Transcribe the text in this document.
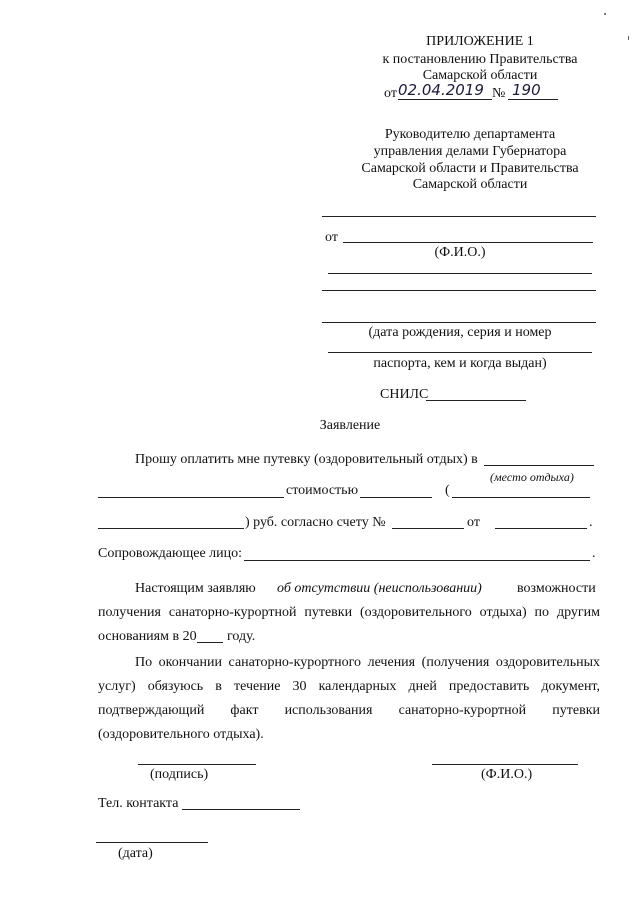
ПРИЛОЖЕНИЕ 1
к постановлению Правительства
Самарской области
от 02.04.2019 № 190
Руководителю департамента
управления делами Губернатора
Самарской области и Правительства
Самарской области
от
(Ф.И.О.)
(дата рождения, серия и номер
паспорта, кем и когда выдан)
СНИЛС
Заявление
Прошу оплатить мне путевку (оздоровительный отдых) в
(место отдыха)
стоимостью	(
) руб. согласно счету №	от	.
Сопровождающее лицо:	.
Настоящим заявляю об отсутствии (неиспользовании)	возможности
получения санаторно-курортной путевки (оздоровительного отдыха) по другим
основаниям в 20 году.
По окончании санаторно-курортного лечения (получения оздоровительных
услуг) обязуюсь в течение 30 календарных дней предоставить документ,
подтверждающий факт использования санаторно-курортной путевки
(оздоровительного отдыха).
(подпись)	(Ф.И.О.)
Тел. контакта
(дата)
